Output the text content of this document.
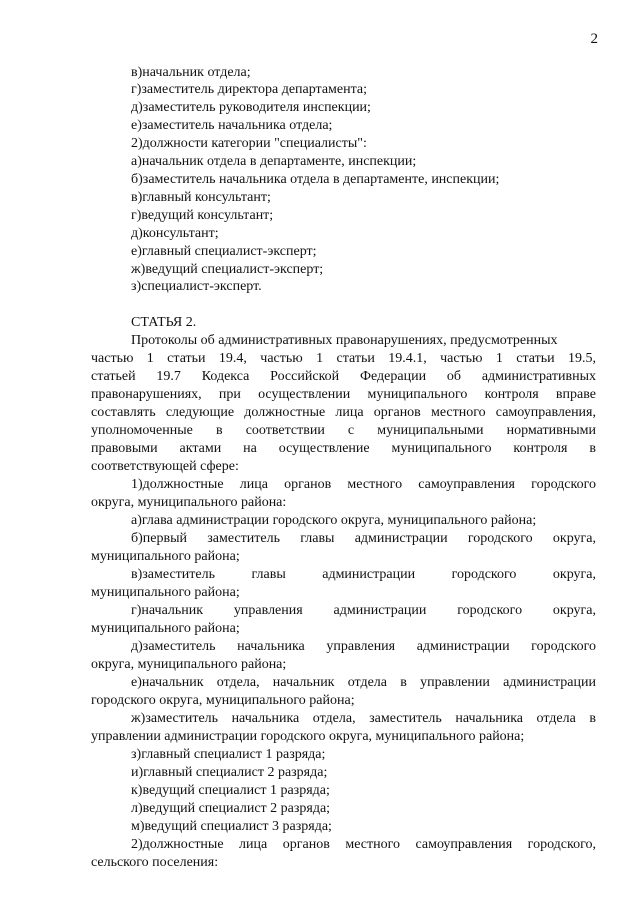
2
в)начальник отдела;
г)заместитель директора департамента;
д)заместитель руководителя инспекции;
е)заместитель начальника отдела;
2)должности категории "специалисты":
а)начальник отдела в департаменте, инспекции;
б)заместитель начальника отдела в департаменте, инспекции;
в)главный консультант;
г)ведущий консультант;
д)консультант;
е)главный специалист-эксперт;
ж)ведущий специалист-эксперт;
з)специалист-эксперт.
СТАТЬЯ 2.
Протоколы об административных правонарушениях, предусмотренных
частью 1 статьи 19.4, частью 1 статьи 19.4.1, частью 1 статьи 19.5,
статьей 19.7 Кодекса Российской Федерации об административных
правонарушениях, при осуществлении муниципального контроля вправе
составлять следующие должностные лица органов местного самоуправления,
уполномоченные в соответствии с муниципальными нормативными
правовыми актами на осуществление муниципального контроля в
соответствующей сфере:
1)должностные лица органов местного самоуправления городского
округа, муниципального района:
а)глава администрации городского округа, муниципального района;
б)первый заместитель главы администрации городского округа,
муниципального района;
в)заместитель главы администрации городского округа,
муниципального района;
г)начальник управления администрации городского округа,
муниципального района;
д)заместитель начальника управления администрации городского
округа, муниципального района;
е)начальник отдела, начальник отдела в управлении администрации
городского округа, муниципального района;
ж)заместитель начальника отдела, заместитель начальника отдела в
управлении администрации городского округа, муниципального района;
з)главный специалист 1 разряда;
и)главный специалист 2 разряда;
к)ведущий специалист 1 разряда;
л)ведущий специалист 2 разряда;
м)ведущий специалист 3 разряда;
2)должностные лица органов местного самоуправления городского,
сельского поселения:
